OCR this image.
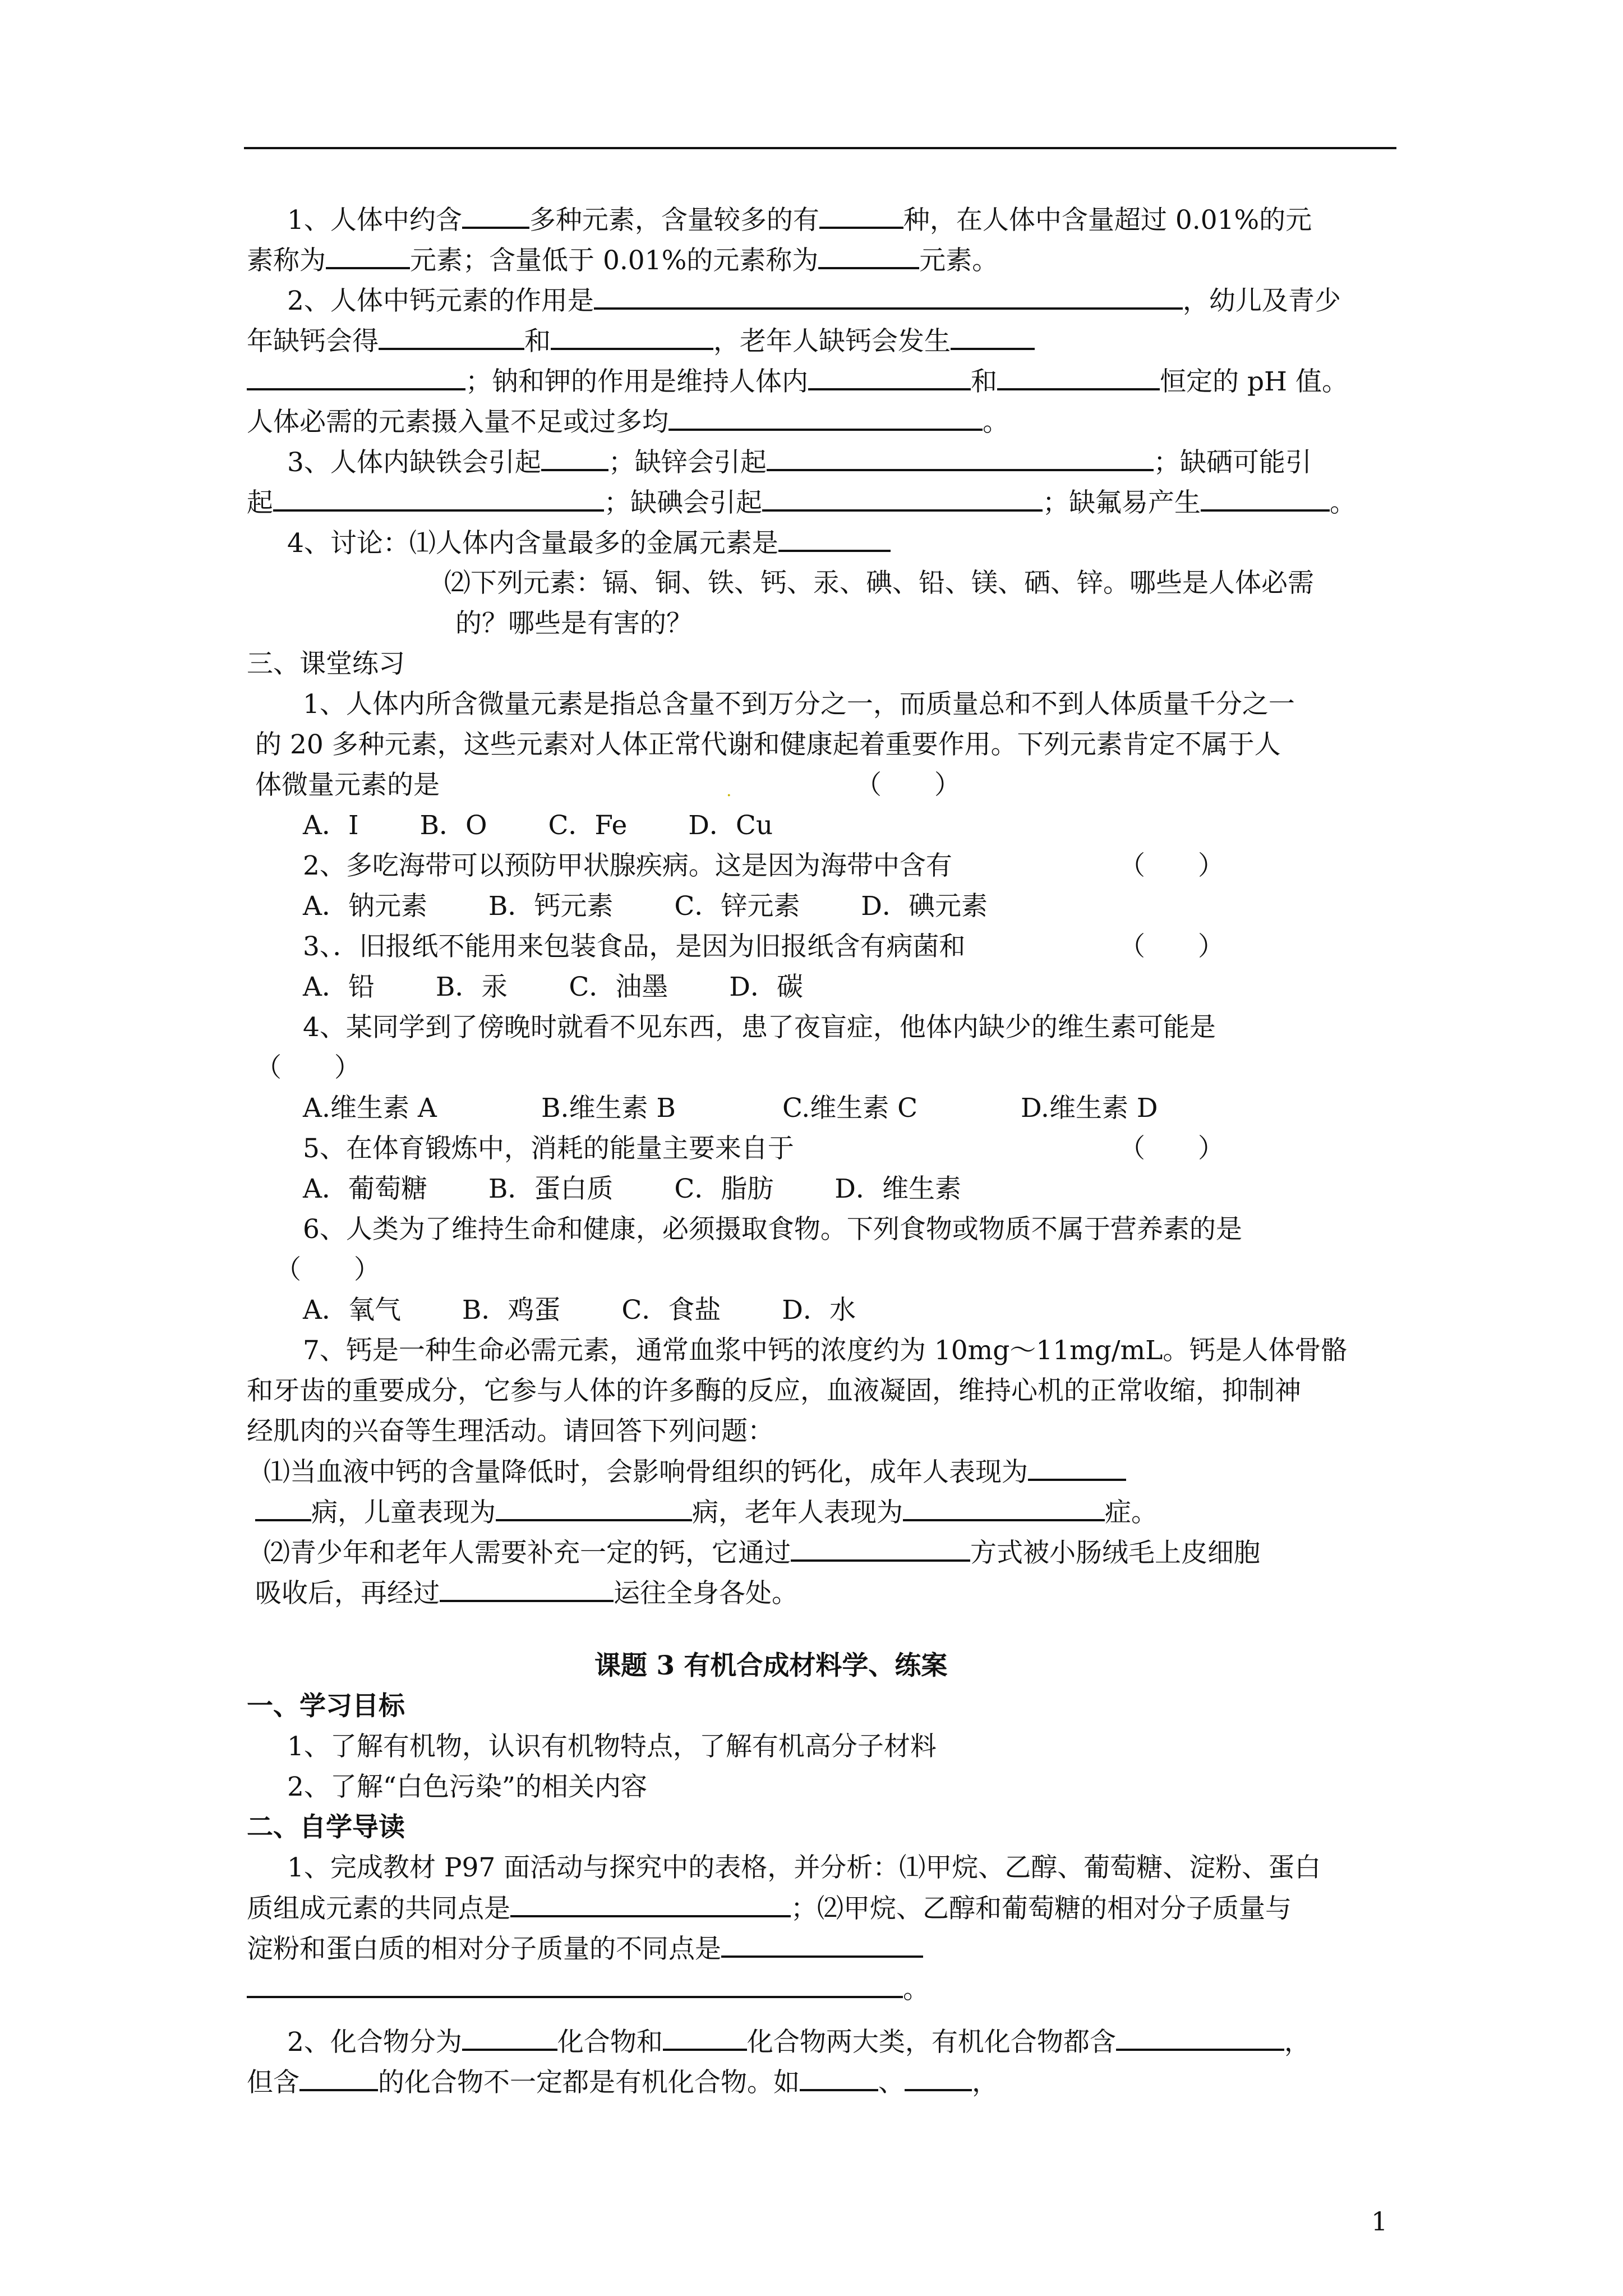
1、人体中约含	多种元素，含量较多的有	种，在人体中含量超过 0.01%的元
素称为	元素；含量低于 0.01%的元素称为	元素。
2、人体中钙元素的作用是	，幼儿及青少
年缺钙会得	和	，老年人缺钙会发生
；钠和钾的作用是维持人体内	和	恒定的 pH 值。
人体必需的元素摄入量不足或过多均	。
3、人体内缺铁会引起	；缺锌会引起	；缺硒可能引
起	；缺碘会引起	；缺氟易产生	。
4、讨论：⑴人体内含量最多的金属元素是
⑵下列元素：镉、铜、铁、钙、汞、碘、铅、镁、硒、锌。哪些是人体必需
的？哪些是有害的？
三、课堂练习
1、人体内所含微量元素是指总含量不到万分之一，而质量总和不到人体质量千分之一
的 20 多种元素，这些元素对人体正常代谢和健康起着重要作用。下列元素肯定不属于人
体微量元素的是	.	（　　）
A．I　　 B．O　　 C．Fe　　 D．Cu
2、多吃海带可以预防甲状腺疾病。这是因为海带中含有	（　　）
A．钠元素　　 B．钙元素　　 C．锌元素　　 D．碘元素
3、．旧报纸不能用来包装食品，是因为旧报纸含有病菌和	（　　）
A．铅　　 B．汞　　 C．油墨　　 D．碳
4、某同学到了傍晚时就看不见东西，患了夜盲症，他体内缺少的维生素可能是
（　　）
A.维生素 A	B.维生素 B	C.维生素 C	D.维生素 D
5、在体育锻炼中，消耗的能量主要来自于	（　　）
A．葡萄糖　　 B．蛋白质　　 C．脂肪　　 D．维生素
6、人类为了维持生命和健康，必须摄取食物。下列食物或物质不属于营养素的是
（　　）
A．氧气　　 B．鸡蛋　　 C．食盐　　 D．水
7、钙是一种生命必需元素，通常血浆中钙的浓度约为 10mg～11mg/mL。钙是人体骨骼
和牙齿的重要成分，它参与人体的许多酶的反应，血液凝固，维持心机的正常收缩，抑制神
经肌肉的兴奋等生理活动。请回答下列问题：
⑴当血液中钙的含量降低时，会影响骨组织的钙化，成年人表现为
病，儿童表现为	病，老年人表现为	症。
⑵青少年和老年人需要补充一定的钙，它通过	方式被小肠绒毛上皮细胞
吸收后，再经过	运往全身各处。
课题 3 有机合成材料学、练案
一、学习目标
1、了解有机物，认识有机物特点，了解有机高分子材料
2、了解“白色污染”的相关内容
二、自学导读
1、完成教材 P97 面活动与探究中的表格，并分析：⑴甲烷、乙醇、葡萄糖、淀粉、蛋白
质组成元素的共同点是	；⑵甲烷、乙醇和葡萄糖的相对分子质量与
淀粉和蛋白质的相对分子质量的不同点是
。
2、化合物分为	化合物和	化合物两大类，有机化合物都含	，
但含	的化合物不一定都是有机化合物。如	、	，
1
